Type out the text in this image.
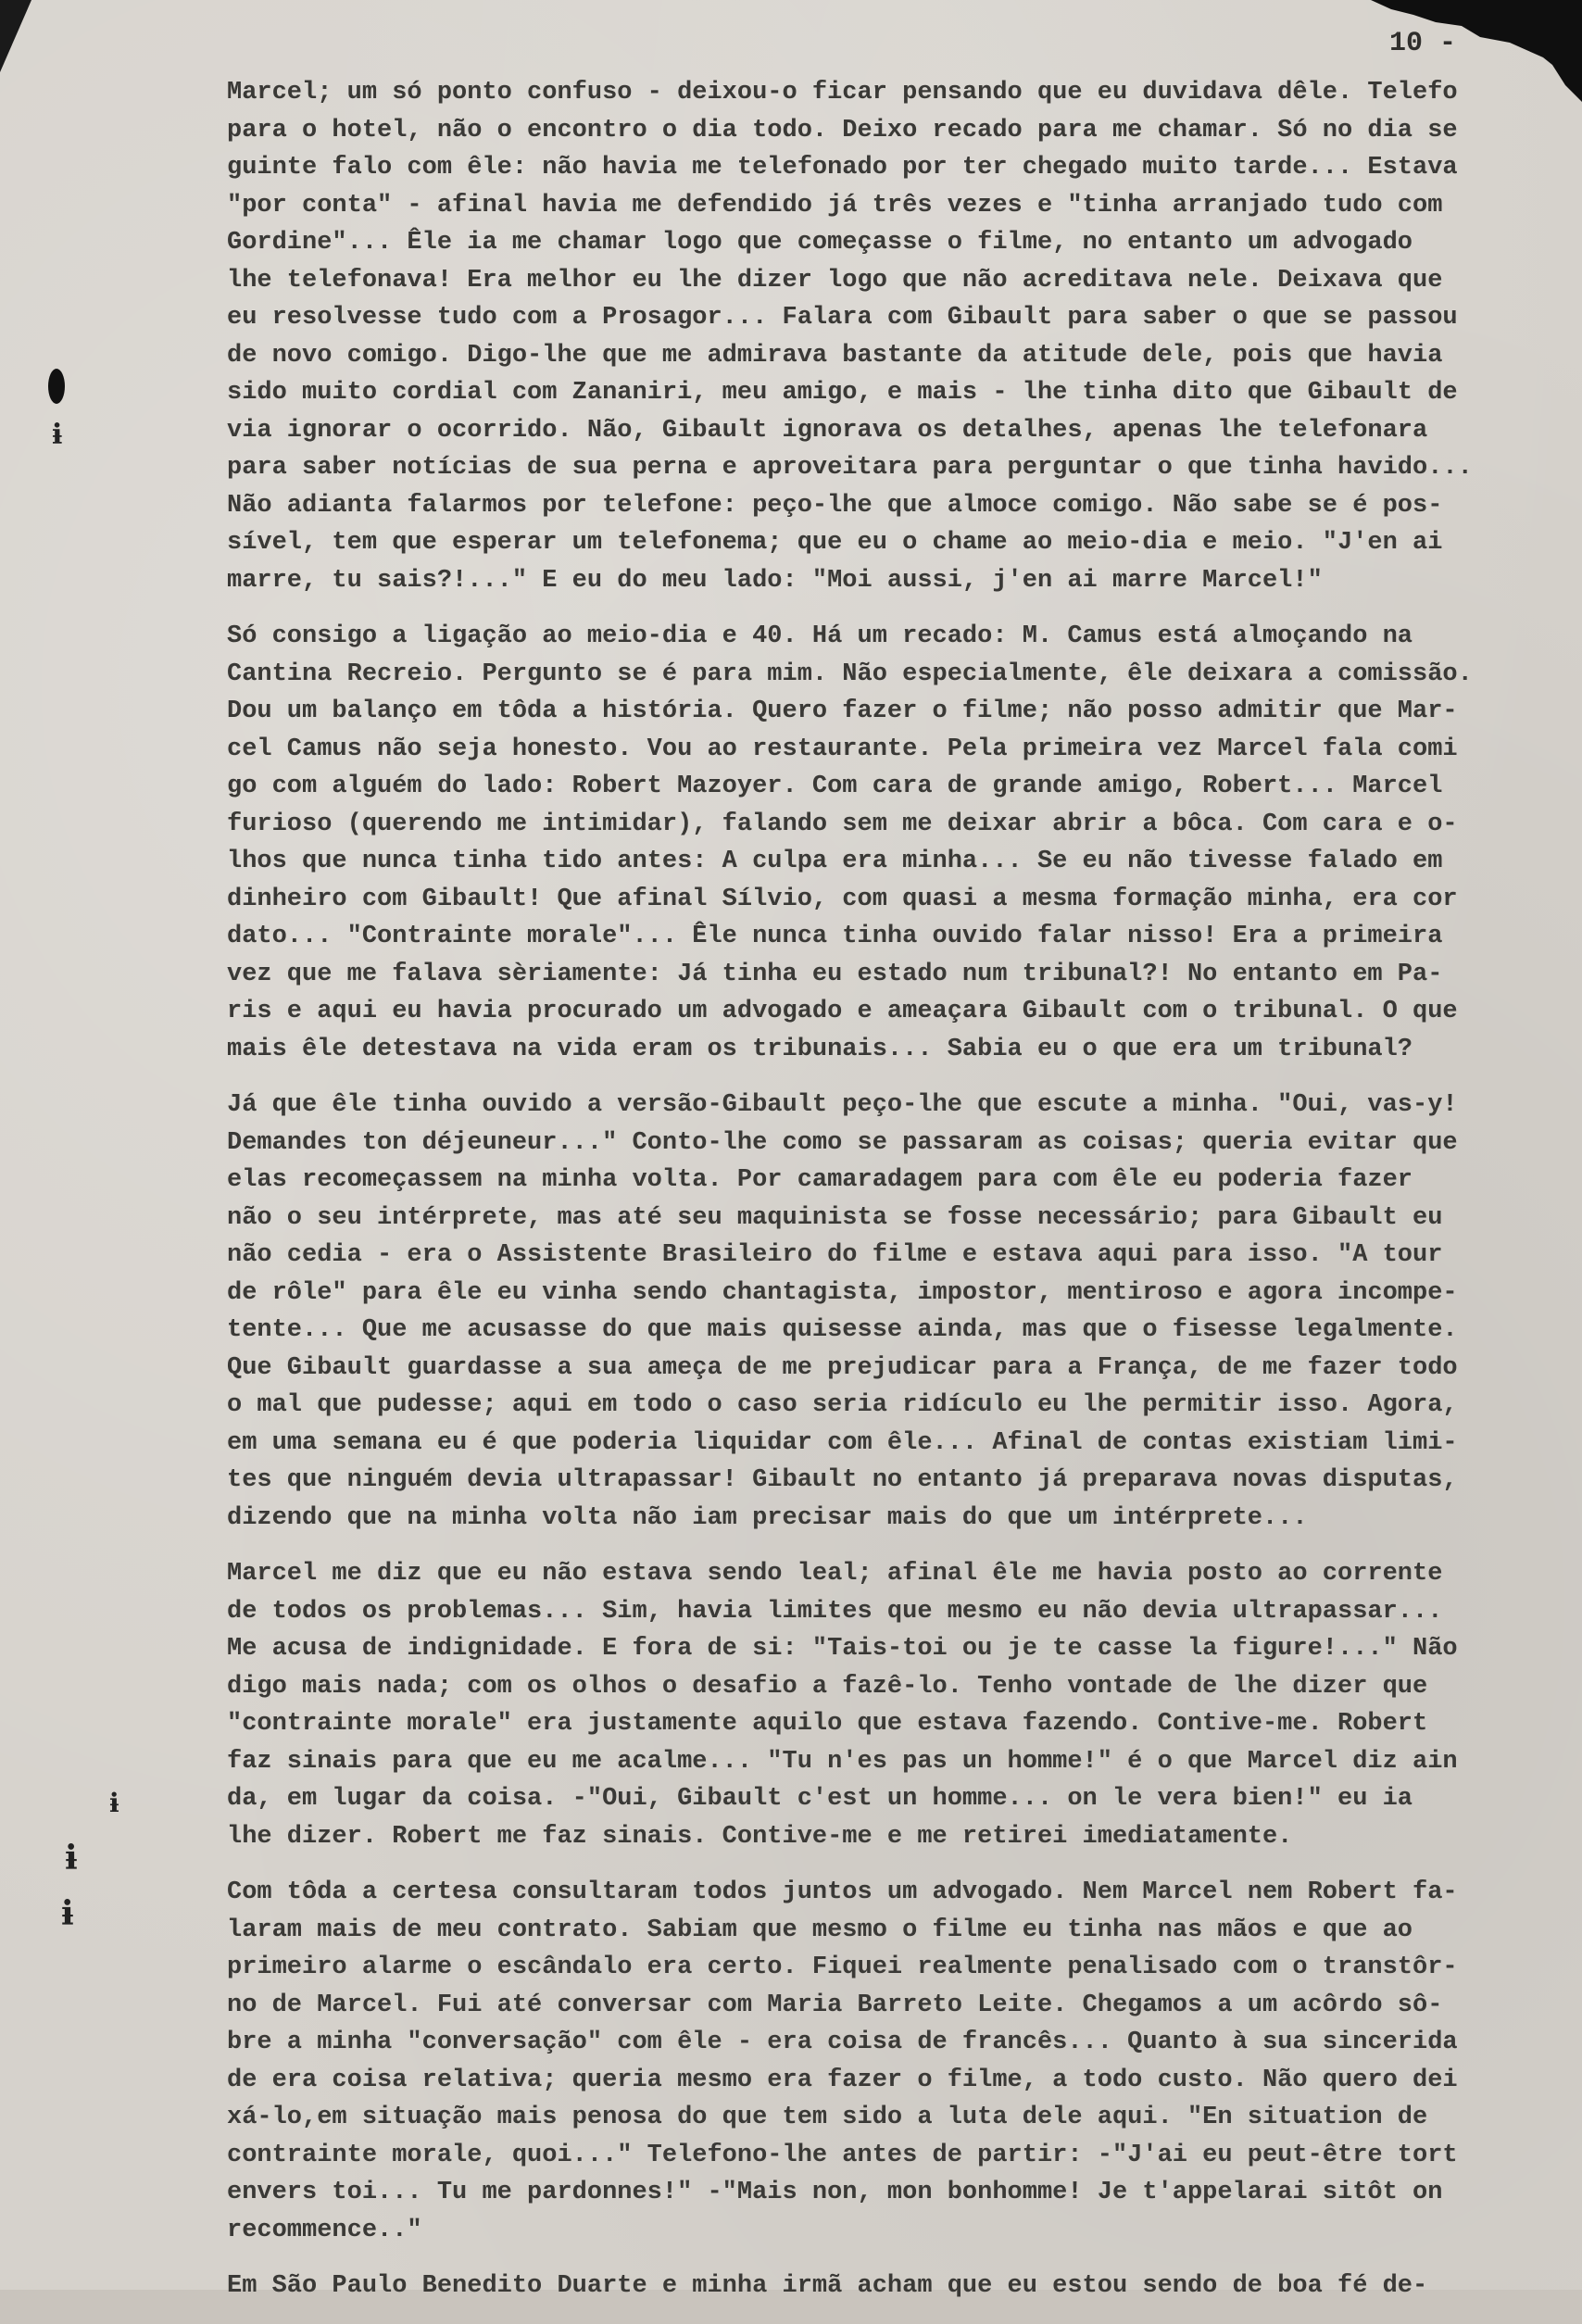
10 -
ɨ
ɨ
ɨ
ɨ
Marcel; um só ponto confuso - deixou-o ficar pensando que eu duvidava dêle. Telefo
para o hotel, não o encontro o dia todo. Deixo recado para me chamar. Só no dia se
guinte falo com êle: não havia me telefonado por ter chegado muito tarde... Estava
"por conta" - afinal havia me defendido já três vezes e "tinha arranjado tudo com
Gordine"... Êle ia me chamar logo que começasse o filme, no entanto um advogado
lhe telefonava! Era melhor eu lhe dizer logo que não acreditava nele. Deixava que
eu resolvesse tudo com a Prosagor... Falara com Gibault para saber o que se passou
de novo comigo. Digo-lhe que me admirava bastante da atitude dele, pois que havia
sido muito cordial com Zananiri, meu amigo, e mais - lhe tinha dito que Gibault de
via ignorar o ocorrido. Não, Gibault ignorava os detalhes, apenas lhe telefonara
para saber notícias de sua perna e aproveitara para perguntar o que tinha havido...
Não adianta falarmos por telefone: peço-lhe que almoce comigo. Não sabe se é pos-
sível, tem que esperar um telefonema; que eu o chame ao meio-dia e meio. "J'en ai
marre, tu sais?!..." E eu do meu lado: "Moi aussi, j'en ai marre Marcel!"
Só consigo a ligação ao meio-dia e 40. Há um recado: M. Camus está almoçando na
Cantina Recreio. Pergunto se é para mim. Não especialmente, êle deixara a comissão.
Dou um balanço em tôda a história. Quero fazer o filme; não posso admitir que Mar-
cel Camus não seja honesto. Vou ao restaurante. Pela primeira vez Marcel fala comi
go com alguém do lado: Robert Mazoyer. Com cara de grande amigo, Robert... Marcel
furioso (querendo me intimidar), falando sem me deixar abrir a bôca. Com cara e o-
lhos que nunca tinha tido antes: A culpa era minha... Se eu não tivesse falado em
dinheiro com Gibault! Que afinal Sílvio, com quasi a mesma formação minha, era cor
dato... "Contrainte morale"... Êle nunca tinha ouvido falar nisso! Era a primeira
vez que me falava sèriamente: Já tinha eu estado num tribunal?! No entanto em Pa-
ris e aqui eu havia procurado um advogado e ameaçara Gibault com o tribunal. O que
mais êle detestava na vida eram os tribunais... Sabia eu o que era um tribunal?
Já que êle tinha ouvido a versão-Gibault peço-lhe que escute a minha. "Oui, vas-y!
Demandes ton déjeuneur..." Conto-lhe como se passaram as coisas; queria evitar que
elas recomeçassem na minha volta. Por camaradagem para com êle eu poderia fazer
não o seu intérprete, mas até seu maquinista se fosse necessário; para Gibault eu
não cedia - era o Assistente Brasileiro do filme e estava aqui para isso. "A tour
de rôle" para êle eu vinha sendo chantagista, impostor, mentiroso e agora incompe-
tente... Que me acusasse do que mais quisesse ainda, mas que o fisesse legalmente.
Que Gibault guardasse a sua ameça de me prejudicar para a França, de me fazer todo
o mal que pudesse; aqui em todo o caso seria ridículo eu lhe permitir isso. Agora,
em uma semana eu é que poderia liquidar com êle... Afinal de contas existiam limi-
tes que ninguém devia ultrapassar! Gibault no entanto já preparava novas disputas,
dizendo que na minha volta não iam precisar mais do que um intérprete...
Marcel me diz que eu não estava sendo leal; afinal êle me havia posto ao corrente
de todos os problemas... Sim, havia limites que mesmo eu não devia ultrapassar...
Me acusa de indignidade. E fora de si: "Tais-toi ou je te casse la figure!..." Não
digo mais nada; com os olhos o desafio a fazê-lo. Tenho vontade de lhe dizer que
"contrainte morale" era justamente aquilo que estava fazendo. Contive-me. Robert
faz sinais para que eu me acalme... "Tu n'es pas un homme!" é o que Marcel diz ain
da, em lugar da coisa. -"Oui, Gibault c'est un homme... on le vera bien!" eu ia
lhe dizer. Robert me faz sinais. Contive-me e me retirei imediatamente.
Com tôda a certesa consultaram todos juntos um advogado. Nem Marcel nem Robert fa-
laram mais de meu contrato. Sabiam que mesmo o filme eu tinha nas mãos e que ao
primeiro alarme o escândalo era certo. Fiquei realmente penalisado com o transtôr-
no de Marcel. Fui até conversar com Maria Barreto Leite. Chegamos a um acôrdo sô-
bre a minha "conversação" com êle - era coisa de francês... Quanto à sua sincerida
de era coisa relativa; queria mesmo era fazer o filme, a todo custo. Não quero dei
xá-lo,em situação mais penosa do que tem sido a luta dele aqui. "En situation de
contrainte morale, quoi..." Telefono-lhe antes de partir: -"J'ai eu peut-être tort
envers toi... Tu me pardonnes!" -"Mais non, mon bonhomme! Je t'appelarai sitôt on
recommence.."
Em São Paulo Benedito Duarte e minha irmã acham que eu estou sendo de boa fé de-
